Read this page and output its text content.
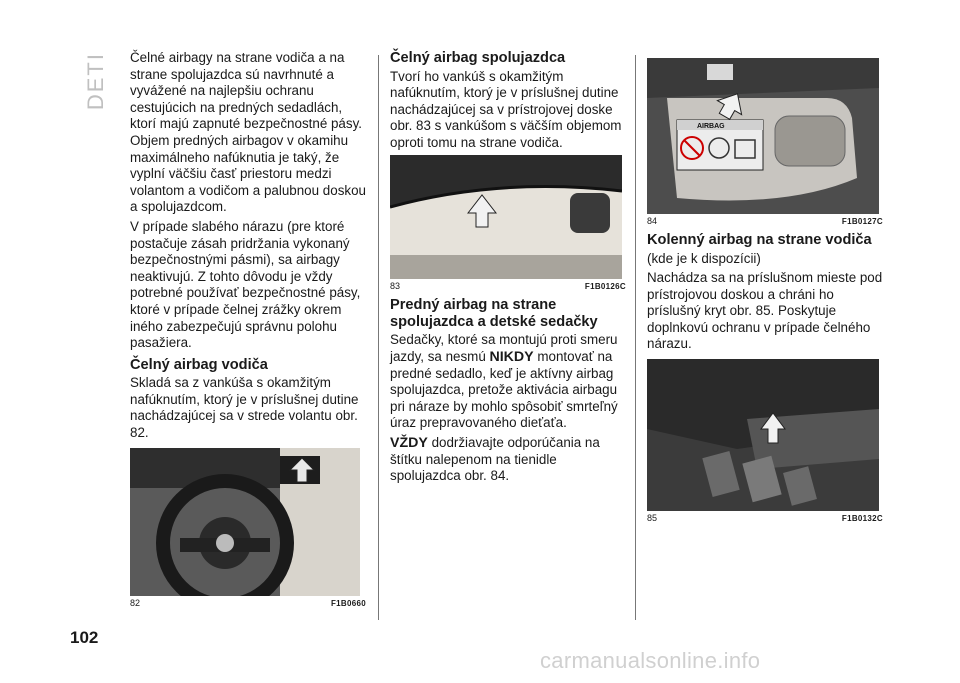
DETI Čelné airbagy na strane vodiča a na strane spolujazdca sú navrhnuté a vyvážené na najlepšiu ochranu cestujúcich na predných sedadlách, ktorí majú zapnuté bezpečnostné pásy. Objem predných airbagov v okamihu maximálneho nafúknutia je taký, že vyplní väčšiu časť priestoru medzi volantom a vodičom a palubnou doskou a spolujazdcom.

V prípade slabého nárazu (pre ktoré postačuje zásah pridržania vykonaný bezpečnostnými pásmi), sa airbagy neaktivujú. Z tohto dôvodu je vždy potrebné používať bezpečnostné pásy, ktoré v prípade čelnej zrážky okrem iného zabezpečujú správnu polohu pasažiera.

Čelný airbag vodiča

Skladá sa z vankúša s okamžitým nafúknutím, ktorý je v príslušnej dutine nachádzajúcej sa v strede volantu obr. 82.

82	F1B0660
Čelný airbag spolujazdca

Tvorí ho vankúš s okamžitým nafúknutím, ktorý je v príslušnej dutine nachádzajúcej sa v prístrojovej doske obr. 83 s vankúšom s väčším objemom oproti tomu na strane vodiča.

83	F1B0126C
Predný airbag na strane spolujazdca a detské sedačky

Sedačky, ktoré sa montujú proti smeru jazdy, sa nesmú NIKDY montovať na predné sedadlo, keď je aktívny airbag spolujazdca, pretože aktivácia airbagu pri náraze by mohlo spôsobiť smrteľný úraz prepravovaného dieťaťa.

VŽDY dodržiavajte odporúčania na štítku nalepenom na tienidle spolujazdca obr. 84.

AIRBAG
84	F1B0127C
Kolenný airbag na strane vodiča

(kde je k dispozícii)

Nachádza sa na príslušnom mieste pod prístrojovou doskou a chráni ho príslušný kryt obr. 85. Poskytuje doplnkovú ochranu v prípade čelného nárazu.

85	F1B0132C
102
carmanualsonline.info
